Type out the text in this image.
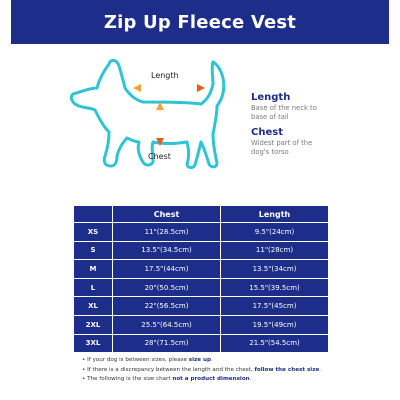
Zip Up Fleece Vest
Length
Chest
Length
Base of the neck to base of tail
Chest
Widest part of the dog's torso
	Chest	Length
XS	11"(28.5cm)	9.5"(24cm)
S	13.5"(34.5cm)	11"(28cm)
M	17.5"(44cm)	13.5"(34cm)
L	20"(50.5cm)	15.5"(39.5cm)
XL	22"(56.5cm)	17.5"(45cm)
2XL	25.5"(64.5cm)	19.5"(49cm)
3XL	28"(71.5cm)	21.5"(54.5cm)
• If your dog is between sizes, please size up.
• If there is a discrepancy between the length and the chest, follow the chest size.
• The following is the size chart not a product dimension.
